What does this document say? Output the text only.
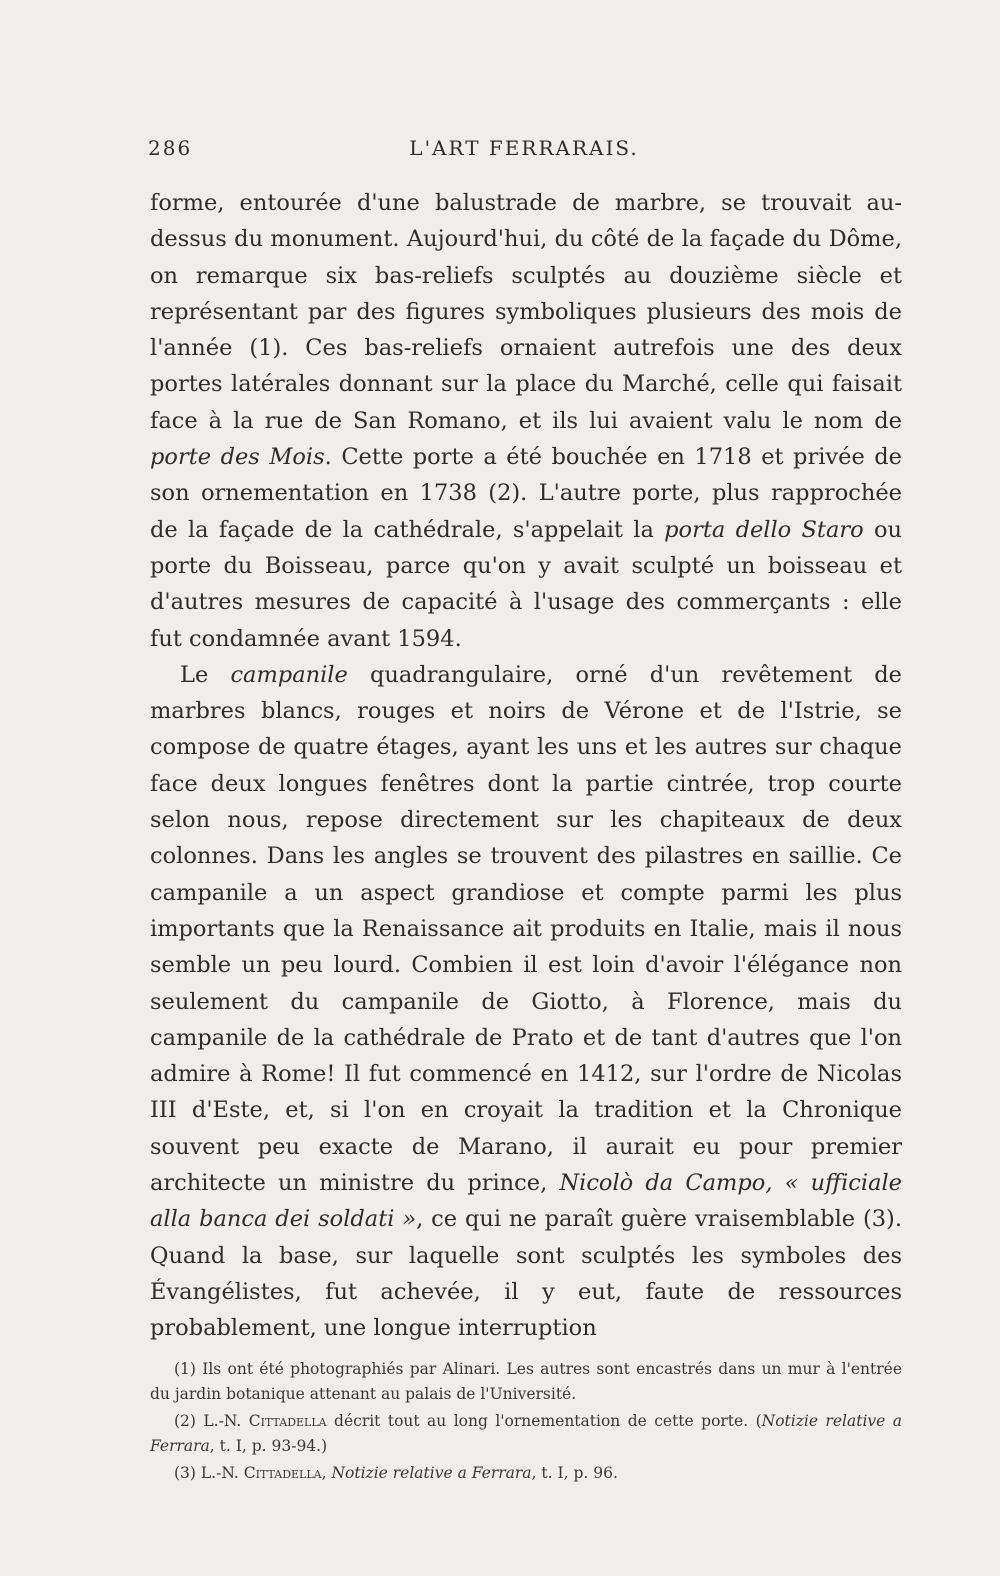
286	L'ART FERRARAIS.

forme, entourée d'une balustrade de marbre, se trouvait au-dessus du monument. Aujourd'hui, du côté de la façade du Dôme, on remarque six bas-reliefs sculptés au douzième siècle et représentant par des figures symboliques plusieurs des mois de l'année (1). Ces bas-reliefs ornaient autrefois une des deux portes latérales donnant sur la place du Marché, celle qui faisait face à la rue de San Romano, et ils lui avaient valu le nom de porte des Mois. Cette porte a été bouchée en 1718 et privée de son ornementation en 1738 (2). L'autre porte, plus rapprochée de la façade de la cathédrale, s'appelait la porta dello Staro ou porte du Boisseau, parce qu'on y avait sculpté un boisseau et d'autres mesures de capacité à l'usage des commerçants : elle fut condamnée avant 1594.

Le campanile quadrangulaire, orné d'un revêtement de marbres blancs, rouges et noirs de Vérone et de l'Istrie, se compose de quatre étages, ayant les uns et les autres sur chaque face deux longues fenêtres dont la partie cintrée, trop courte selon nous, repose directement sur les chapiteaux de deux colonnes. Dans les angles se trouvent des pilastres en saillie. Ce campanile a un aspect grandiose et compte parmi les plus importants que la Renaissance ait produits en Italie, mais il nous semble un peu lourd. Combien il est loin d'avoir l'élégance non seulement du campanile de Giotto, à Florence, mais du campanile de la cathédrale de Prato et de tant d'autres que l'on admire à Rome! Il fut commencé en 1412, sur l'ordre de Nicolas III d'Este, et, si l'on en croyait la tradition et la Chronique souvent peu exacte de Marano, il aurait eu pour premier architecte un ministre du prince, Nicolò da Campo, « ufficiale alla banca dei soldati », ce qui ne paraît guère vraisemblable (3). Quand la base, sur laquelle sont sculptés les symboles des Évangélistes, fut achevée, il y eut, faute de ressources probablement, une longue interruption

(1) Ils ont été photographiés par Alinari. Les autres sont encastrés dans un mur à l'entrée du jardin botanique attenant au palais de l'Université.

(2) L.-N. Cittadella décrit tout au long l'ornementation de cette porte. (Notizie relative a Ferrara, t. I, p. 93-94.)

(3) L.-N. Cittadella, Notizie relative a Ferrara, t. I, p. 96.
